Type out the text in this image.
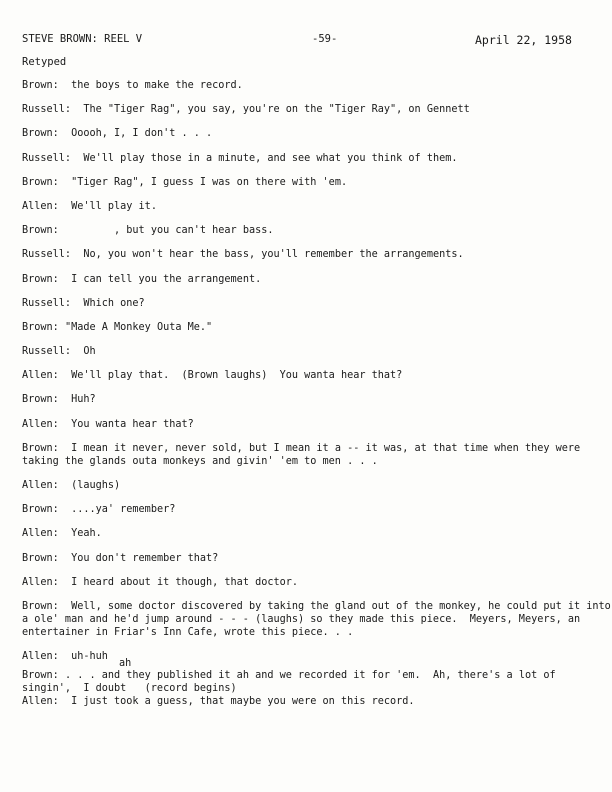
STEVE BROWN: REEL V	-59-	April 22, 1958
Retyped
Brown:  the boys to make the record.
Russell:  The "Tiger Rag", you say, you're on the "Tiger Ray", on Gennett
Brown:  Ooooh, I, I don't . . .
Russell:  We'll play those in a minute, and see what you think of them.
Brown:  "Tiger Rag", I guess I was on there with 'em.
Allen:  We'll play it.
Brown:         , but you can't hear bass.
Russell:  No, you won't hear the bass, you'll remember the arrangements.
Brown:  I can tell you the arrangement.
Russell:  Which one?
Brown: "Made A Monkey Outa Me."
Russell:  Oh
Allen:  We'll play that.  (Brown laughs)  You wanta hear that?
Brown:  Huh?
Allen:  You wanta hear that?
Brown:  I mean it never, never sold, but I mean it a -- it was, at that time when they were
taking the glands outa monkeys and givin' 'em to men . . .
Allen:  (laughs)
Brown:  ....ya' remember?
Allen:  Yeah.
Brown:  You don't remember that?
Allen:  I heard about it though, that doctor.
Brown:  Well, some doctor discovered by taking the gland out of the monkey, he could put it into
a ole' man and he'd jump around - - - (laughs) so they made this piece.  Meyers, Meyers, an
entertainer in Friar's Inn Cafe, wrote this piece. . .
Allen:  uh-huh
ah
Brown: . . . and they published it ah and we recorded it for 'em.  Ah, there's a lot of
singin',  I doubt   (record begins)
Allen:  I just took a guess, that maybe you were on this record.
